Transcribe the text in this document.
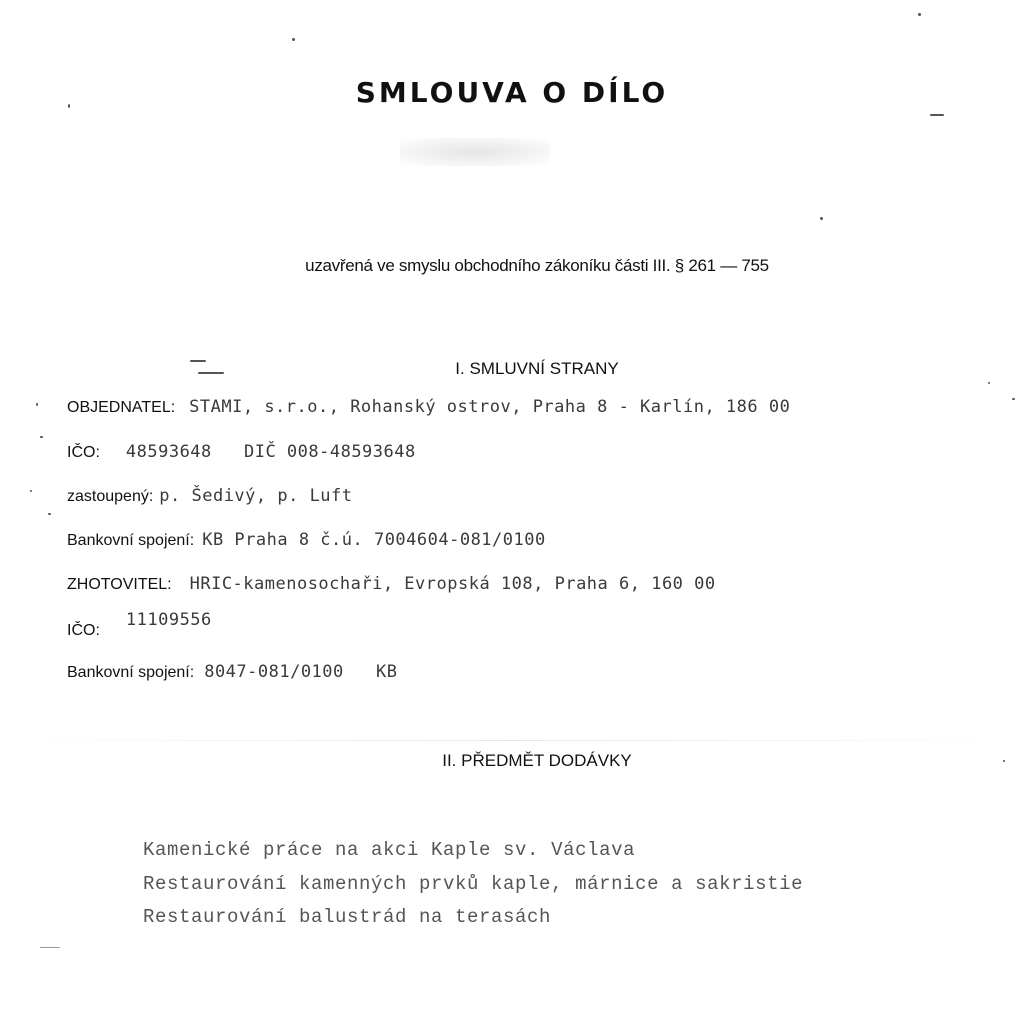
SMLOUVA O DÍLO
uzavřená ve smyslu obchodního zákoníku části III. § 261 — 755
I. SMLUVNÍ STRANY
OBJEDNATEL: STAMI, s.r.o., Rohanský ostrov, Praha 8 - Karlín, 186 00
IČO: 48593648   DIČ 008-48593648
zastoupený: p. Šedivý, p. Luft
Bankovní spojení: KB Praha 8 č.ú. 7004604-081/0100
ZHOTOVITEL: HRIC-kamenosochaři, Evropská 108, Praha 6, 160 00
IČO:11109556
Bankovní spojení: 8047-081/0100   KB
II. PŘEDMĚT DODÁVKY
Kamenické práce na akci Kaple sv. Václava
Restaurování kamenných prvků kaple, márnice a sakristie
Restaurování balustrád na terasách
